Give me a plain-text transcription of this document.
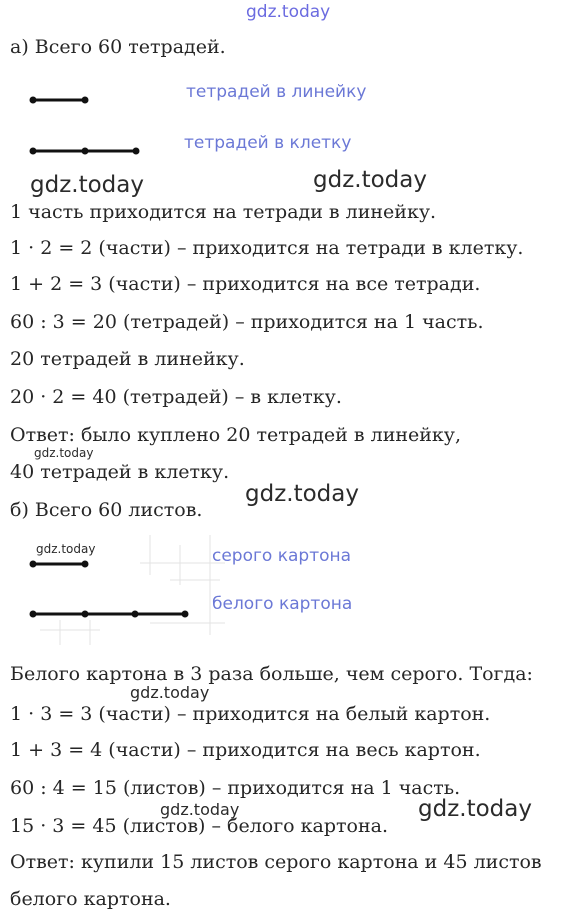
gdz.today
а) Всего 60 тетрадей.
тетрадей в линейку
тетрадей в клетку
gdz.today	gdz.today
1 часть приходится на тетради в линейку.
1 · 2 = 2 (части) – приходится на тетради в клетку.
1 + 2 = 3 (части) – приходится на все тетради.
60 : 3 = 20 (тетрадей) – приходится на 1 часть.
20 тетрадей в линейку.
20 · 2 = 40 (тетрадей) – в клетку.
Ответ: было куплено 20 тетрадей в линейку,
gdz.today
40 тетрадей в клетку.
gdz.today
б) Всего 60 листов.
gdz.today	серого картона
белого картона
Белого картона в 3 раза больше, чем серого. Тогда:
gdz.today
1 · 3 = 3 (части) – приходится на белый картон.
1 + 3 = 4 (части) – приходится на весь картон.
60 : 4 = 15 (листов) – приходится на 1 часть.
gdz.today	gdz.today
15 · 3 = 45 (листов) – белого картона.
Ответ: купили 15 листов серого картона и 45 листов
белого картона.
